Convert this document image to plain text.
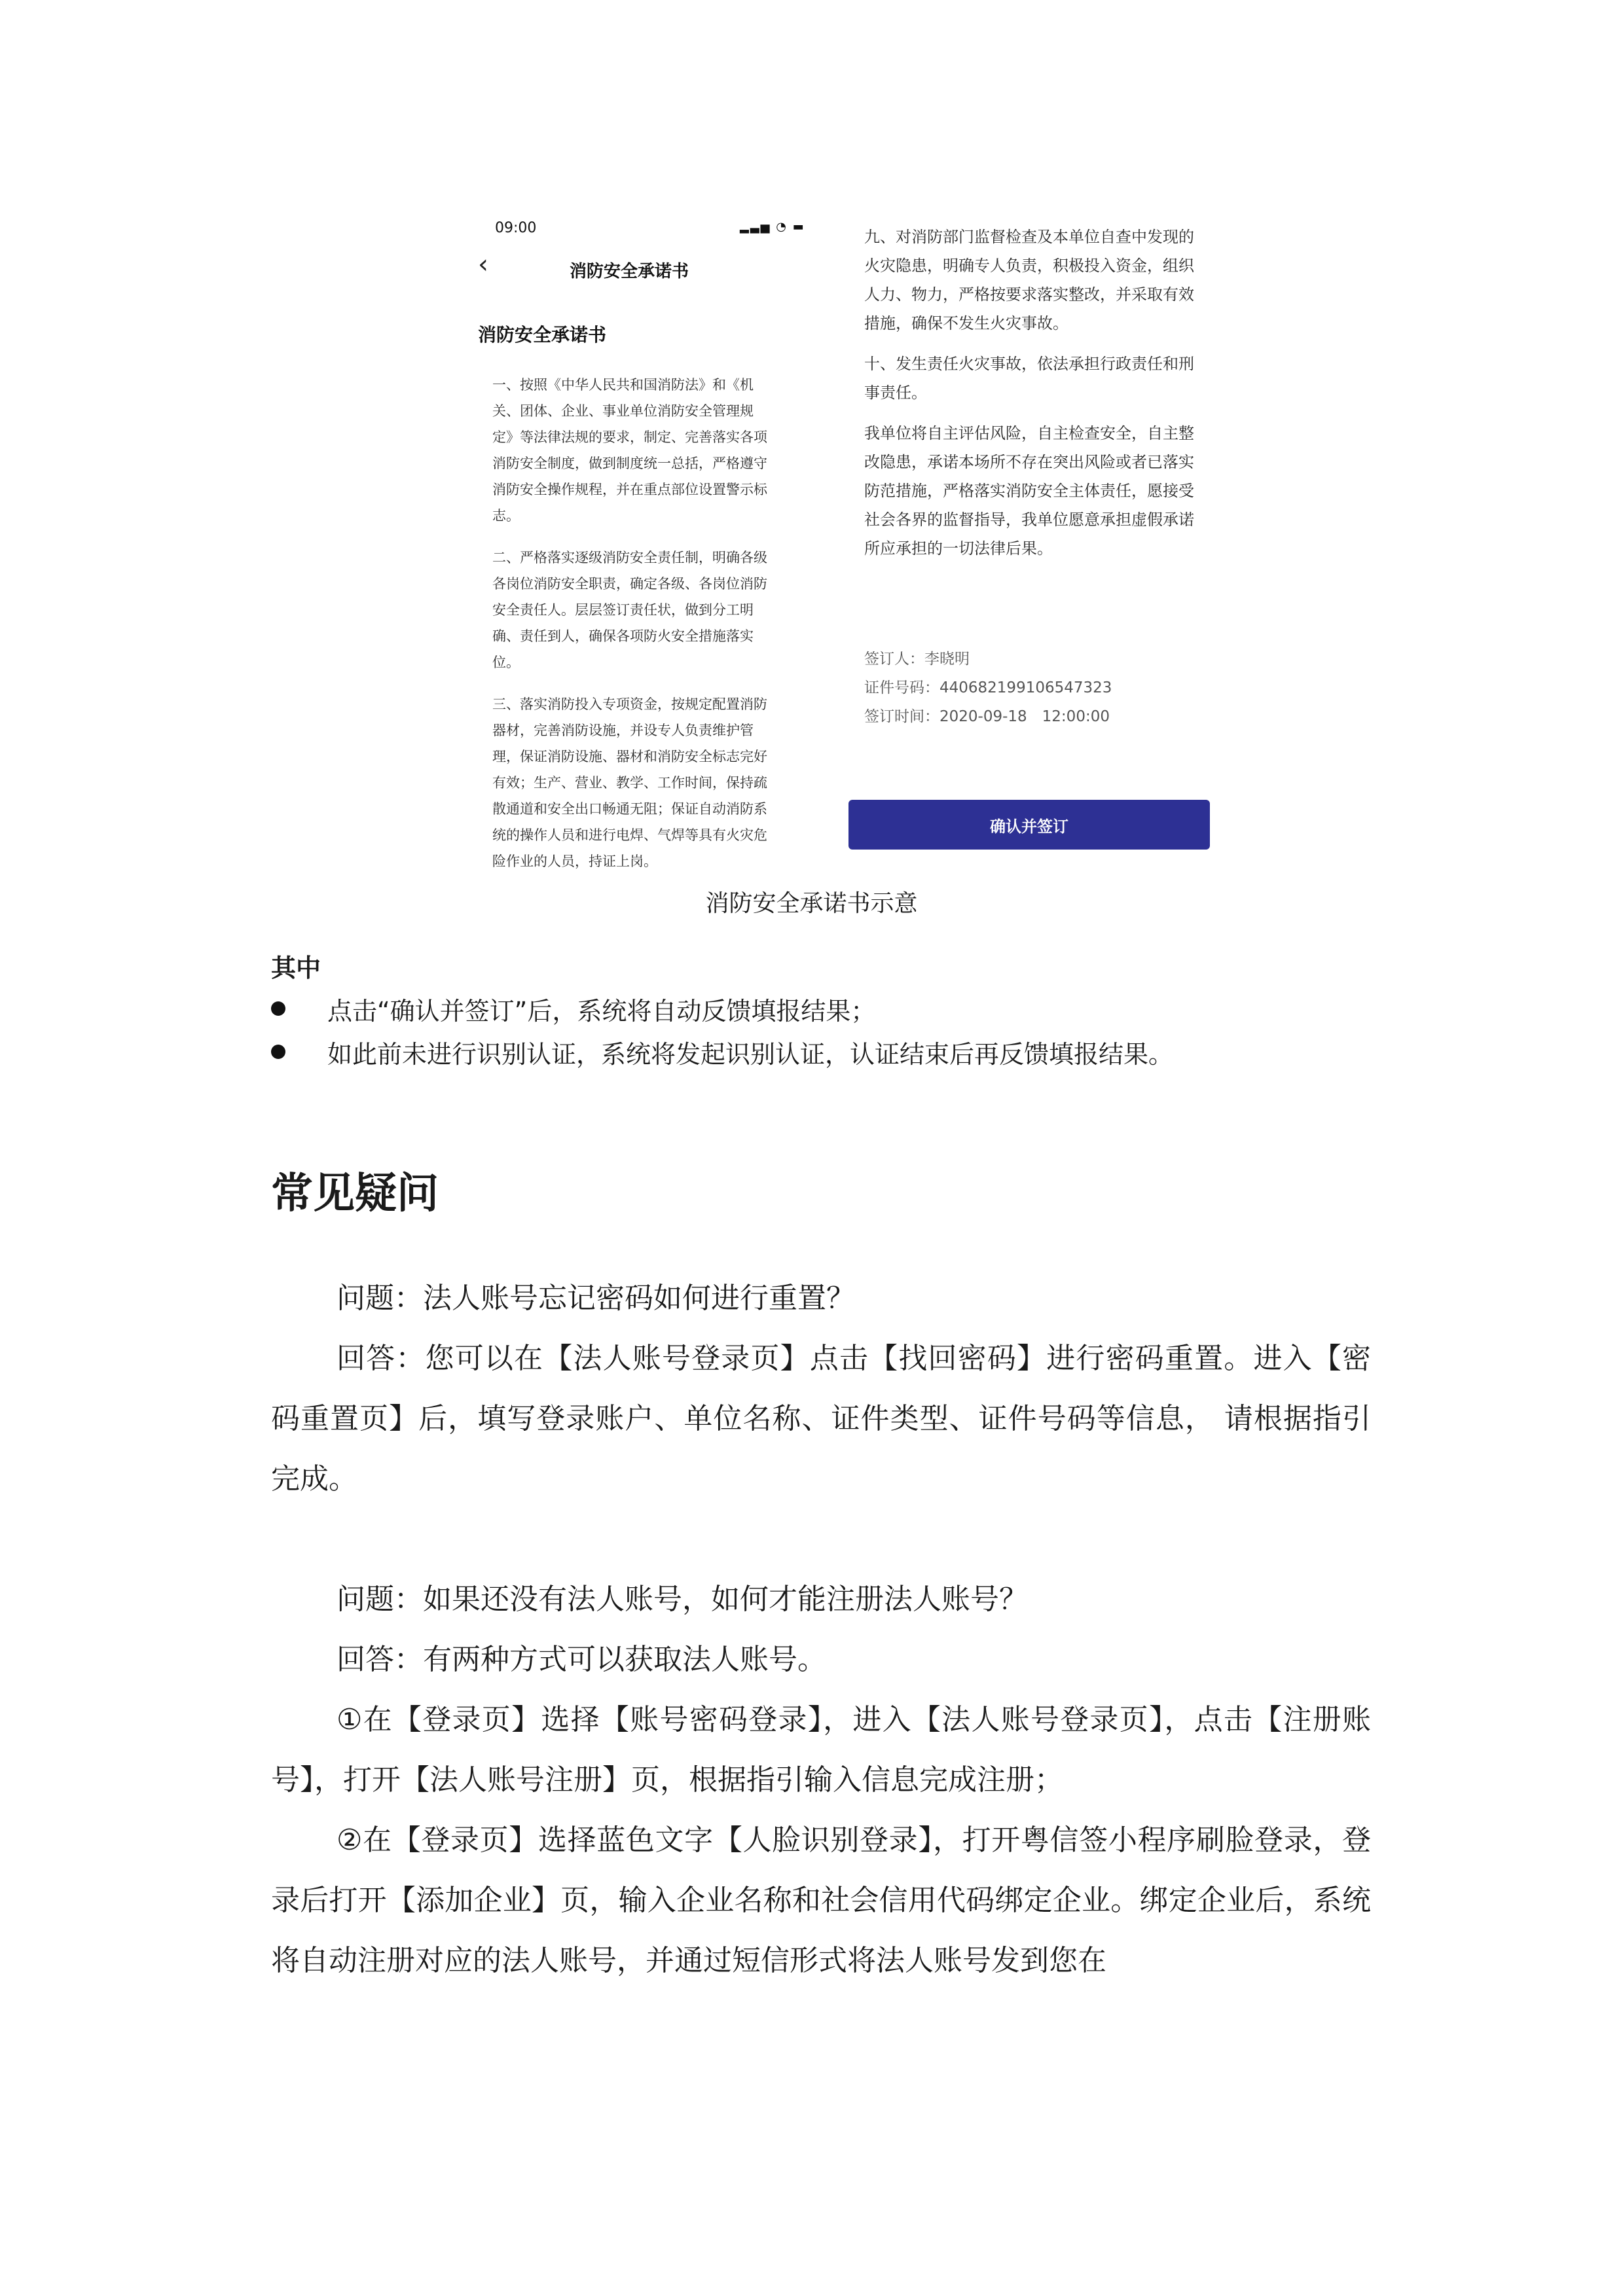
09:00	▂▃▅ ◔ ▬
‹	消防安全承诺书
消防安全承诺书

一、按照《中华人民共和国消防法》和《机关、团体、企业、事业单位消防安全管理规定》等法律法规的要求，制定、完善落实各项消防安全制度，做到制度统一总括，严格遵守消防安全操作规程，并在重点部位设置警示标志。

二、严格落实逐级消防安全责任制，明确各级各岗位消防安全职责，确定各级、各岗位消防安全责任人。层层签订责任状，做到分工明确、责任到人，确保各项防火安全措施落实位。

三、落实消防投入专项资金，按规定配置消防器材，完善消防设施，并设专人负责维护管理，保证消防设施、器材和消防安全标志完好有效；生产、营业、教学、工作时间，保持疏散通道和安全出口畅通无阻；保证自动消防系统的操作人员和进行电焊、气焊等具有火灾危险作业的人员，持证上岗。

九、对消防部门监督检查及本单位自查中发现的火灾隐患，明确专人负责，积极投入资金，组织人力、物力，严格按要求落实整改，并采取有效措施，确保不发生火灾事故。

十、发生责任火灾事故，依法承担行政责任和刑事责任。

我单位将自主评估风险，自主检查安全，自主整改隐患，承诺本场所不存在突出风险或者已落实防范措施，严格落实消防安全主体责任，愿接受社会各界的监督指导，我单位愿意承担虚假承诺所应承担的一切法律后果。

签订人：李晓明
证件号码：440682199106547323
签订时间：2020-09-18　12:00:00
确认并签订
消防安全承诺书示意
其中
点击“确认并签订”后，系统将自动反馈填报结果；
如此前未进行识别认证，系统将发起识别认证，认证结束后再反馈填报结果。
常见疑问

问题：法人账号忘记密码如何进行重置？

回答：您可以在【法人账号登录页】点击【找回密码】进行密码重置。进入【密码重置页】后，填写登录账户、单位名称、证件类型、证件号码等信息， 请根据指引完成。

问题：如果还没有法人账号，如何才能注册法人账号？

回答：有两种方式可以获取法人账号。

①在【登录页】选择【账号密码登录】，进入【法人账号登录页】，点击【注册账号】，打开【法人账号注册】页，根据指引输入信息完成注册；

②在【登录页】选择蓝色文字【人脸识别登录】，打开粤信签小程序刷脸登录，登录后打开【添加企业】页，输入企业名称和社会信用代码绑定企业。绑定企业后，系统将自动注册对应的法人账号，并通过短信形式将法人账号发到您在
